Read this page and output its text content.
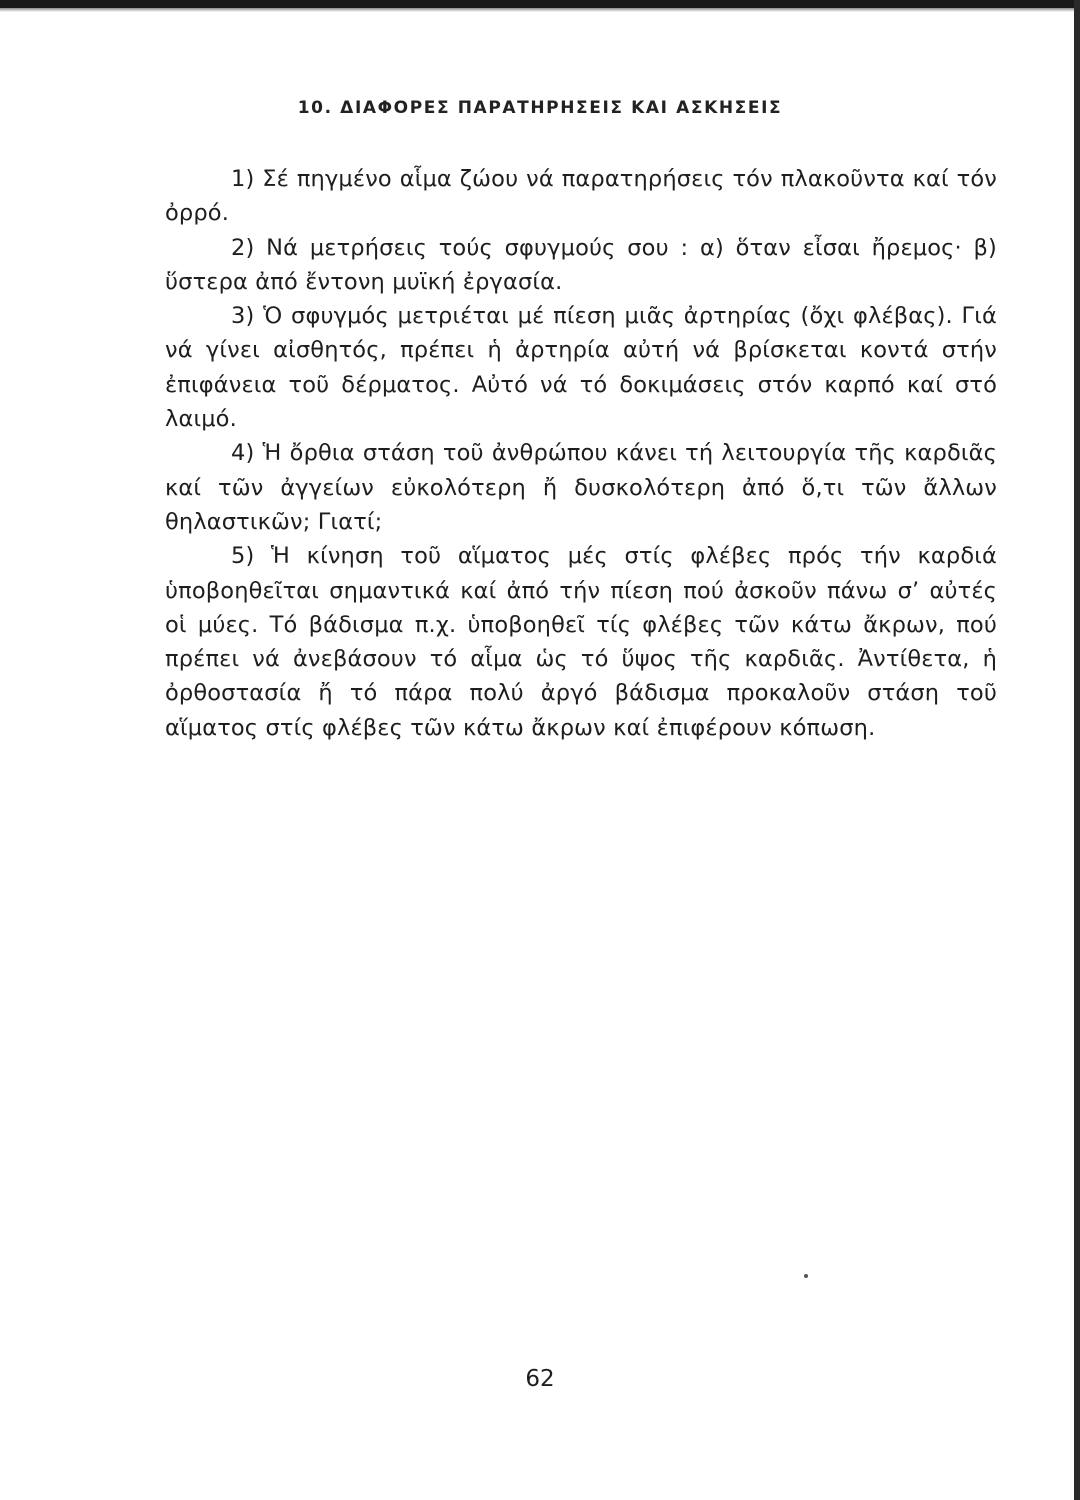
10. ΔΙΑΦΟΡΕΣ ΠΑΡΑΤΗΡΗΣΕΙΣ ΚΑΙ ΑΣΚΗΣΕΙΣ

1) Σέ πηγμένο αἷμα ζώου νά παρατηρήσεις τόν πλακοῦντα καί τόν ὀρρό.

2) Νά μετρήσεις τούς σφυγμούς σου : α) ὅταν εἶσαι ἤρεμος· β) ὕστερα ἀπό ἔντονη μυϊκή ἐργασία.

3) Ὁ σφυγμός μετριέται μέ πίεση μιᾶς ἀρτηρίας (ὄχι φλέβας). Γιά νά γίνει αἰσθητός, πρέπει ἡ ἀρτηρία αὐτή νά βρίσκεται κοντά στήν ἐπιφάνεια τοῦ δέρματος. Αὐτό νά τό δοκιμάσεις στόν καρπό καί στό λαιμό.

4) Ἡ ὄρθια στάση τοῦ ἀνθρώπου κάνει τή λειτουργία τῆς καρδιᾶς καί τῶν ἀγγείων εὐκολότερη ἤ δυσκολότερη ἀπό ὅ,τι τῶν ἄλλων θηλαστικῶν; Γιατί;

5) Ἡ κίνηση τοῦ αἵματος μές στίς φλέβες πρός τήν καρδιά ὑποβοηθεῖται σημαντικά καί ἀπό τήν πίεση πού ἀσκοῦν πάνω σ’ αὐτές οἱ μύες. Τό βάδισμα π.χ. ὑποβοηθεῖ τίς φλέβες τῶν κάτω ἄκρων, πού πρέπει νά ἀνεβάσουν τό αἷμα ὡς τό ὕψος τῆς καρδιᾶς. Ἀντίθετα, ἡ ὀρθοστασία ἤ τό πάρα πολύ ἀργό βάδισμα προκαλοῦν στάση τοῦ αἵματος στίς φλέβες τῶν κάτω ἄκρων καί ἐπιφέρουν κόπωση.

62
